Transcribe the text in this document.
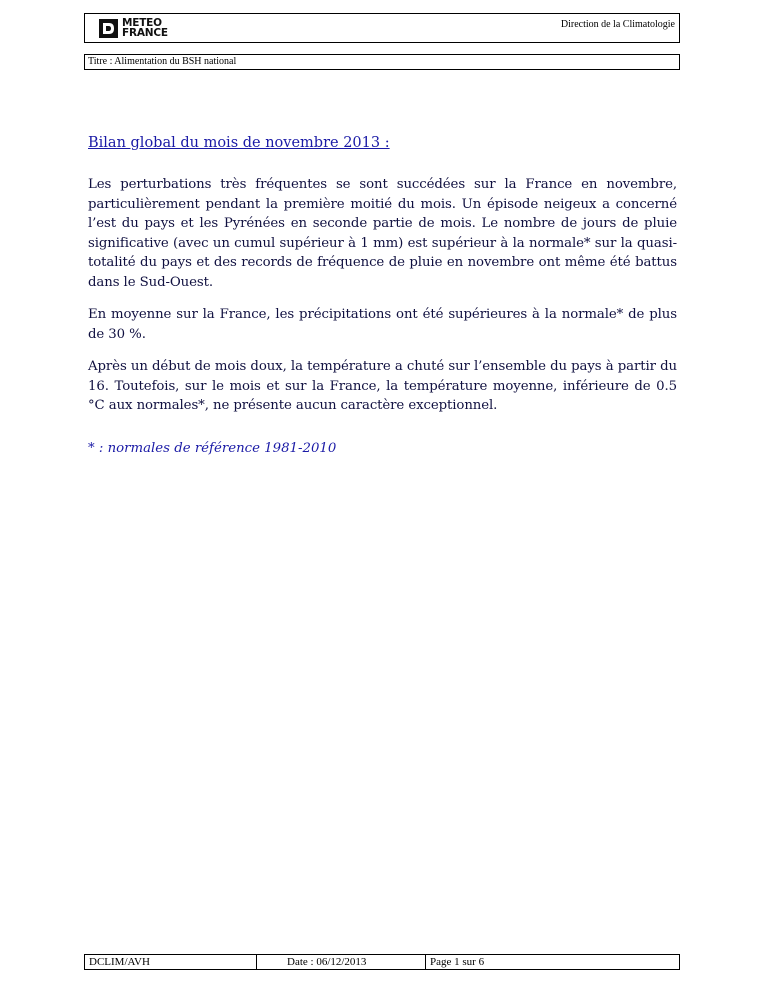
METEO
FRANCE
Direction de la Climatologie
Titre : Alimentation du BSH national
Bilan global du mois de novembre 2013 :

Les perturbations très fréquentes se sont succédées sur la France en novembre, particulièrement pendant la première moitié du mois. Un épisode neigeux a concerné l’est du pays et les Pyrénées en seconde partie de mois. Le nombre de jours de pluie significative (avec un cumul supérieur à 1 mm) est supérieur à la normale* sur la quasi-totalité du pays et des records de fréquence de pluie en novembre ont même été battus dans le Sud-Ouest.

En moyenne sur la France, les précipitations ont été supérieures à la normale* de plus de 30 %.

Après un début de mois doux, la température a chuté sur l’ensemble du pays à partir du 16. Toutefois, sur le mois et sur la France, la température moyenne, inférieure de 0.5 °C aux normales*, ne présente aucun caractère exceptionnel.

* : normales de référence 1981-2010
DCLIM/AVH	Date : 06/12/2013	Page 1 sur 6
